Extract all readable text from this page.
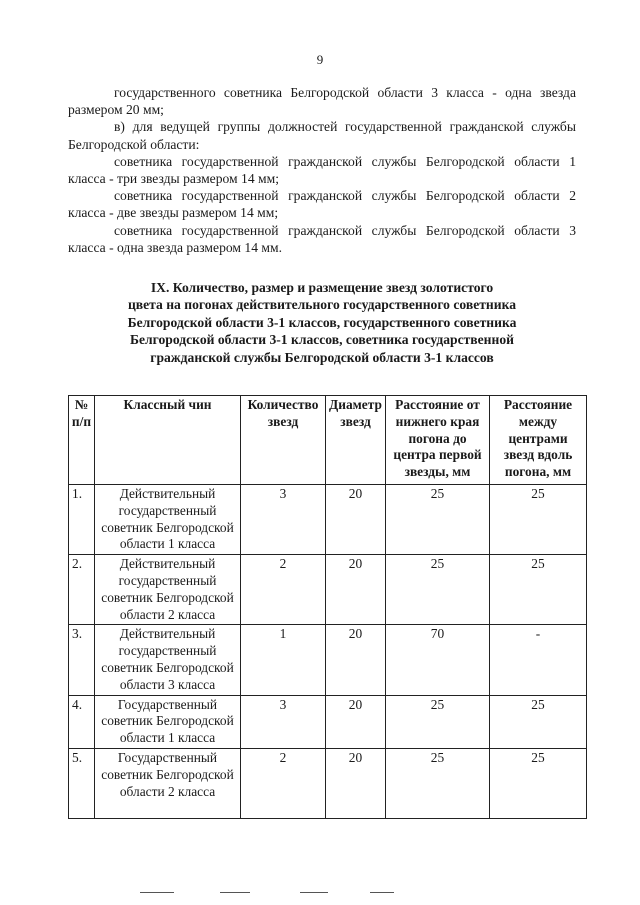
9

государственного советника Белгородской области 3 класса - одна звезда размером 20 мм;

в) для ведущей группы должностей государственной гражданской службы Белгородской области:

советника государственной гражданской службы Белгородской области 1 класса - три звезды размером 14 мм;

советника государственной гражданской службы Белгородской области 2 класса - две звезды размером 14 мм;

советника государственной гражданской службы Белгородской области 3 класса - одна звезда размером 14 мм.

IX. Количество, размер и размещение звезд золотистого
цвета на погонах действительного государственного советника
Белгородской области 3-1 классов, государственного советника
Белгородской области 3-1 классов, советника государственной
гражданской службы Белгородской области 3-1 классов
№ п/п	Классный чин	Количество звезд	Диаметр звезд	Расстояние от нижнего края погона до центра первой звезды, мм	Расстояние между центрами звезд вдоль погона, мм
1.	Действительный государственный советник Белгородской области 1 класса	3	20	25	25
2.	Действительный государственный советник Белгородской области 2 класса	2	20	25	25
3.	Действительный государственный советник Белгородской области 3 класса	1	20	70	-
4.	Государственный советник Белгородской области 1 класса	3	20	25	25
5.	Государственный советник Белгородской области 2 класса	2	20	25	25
